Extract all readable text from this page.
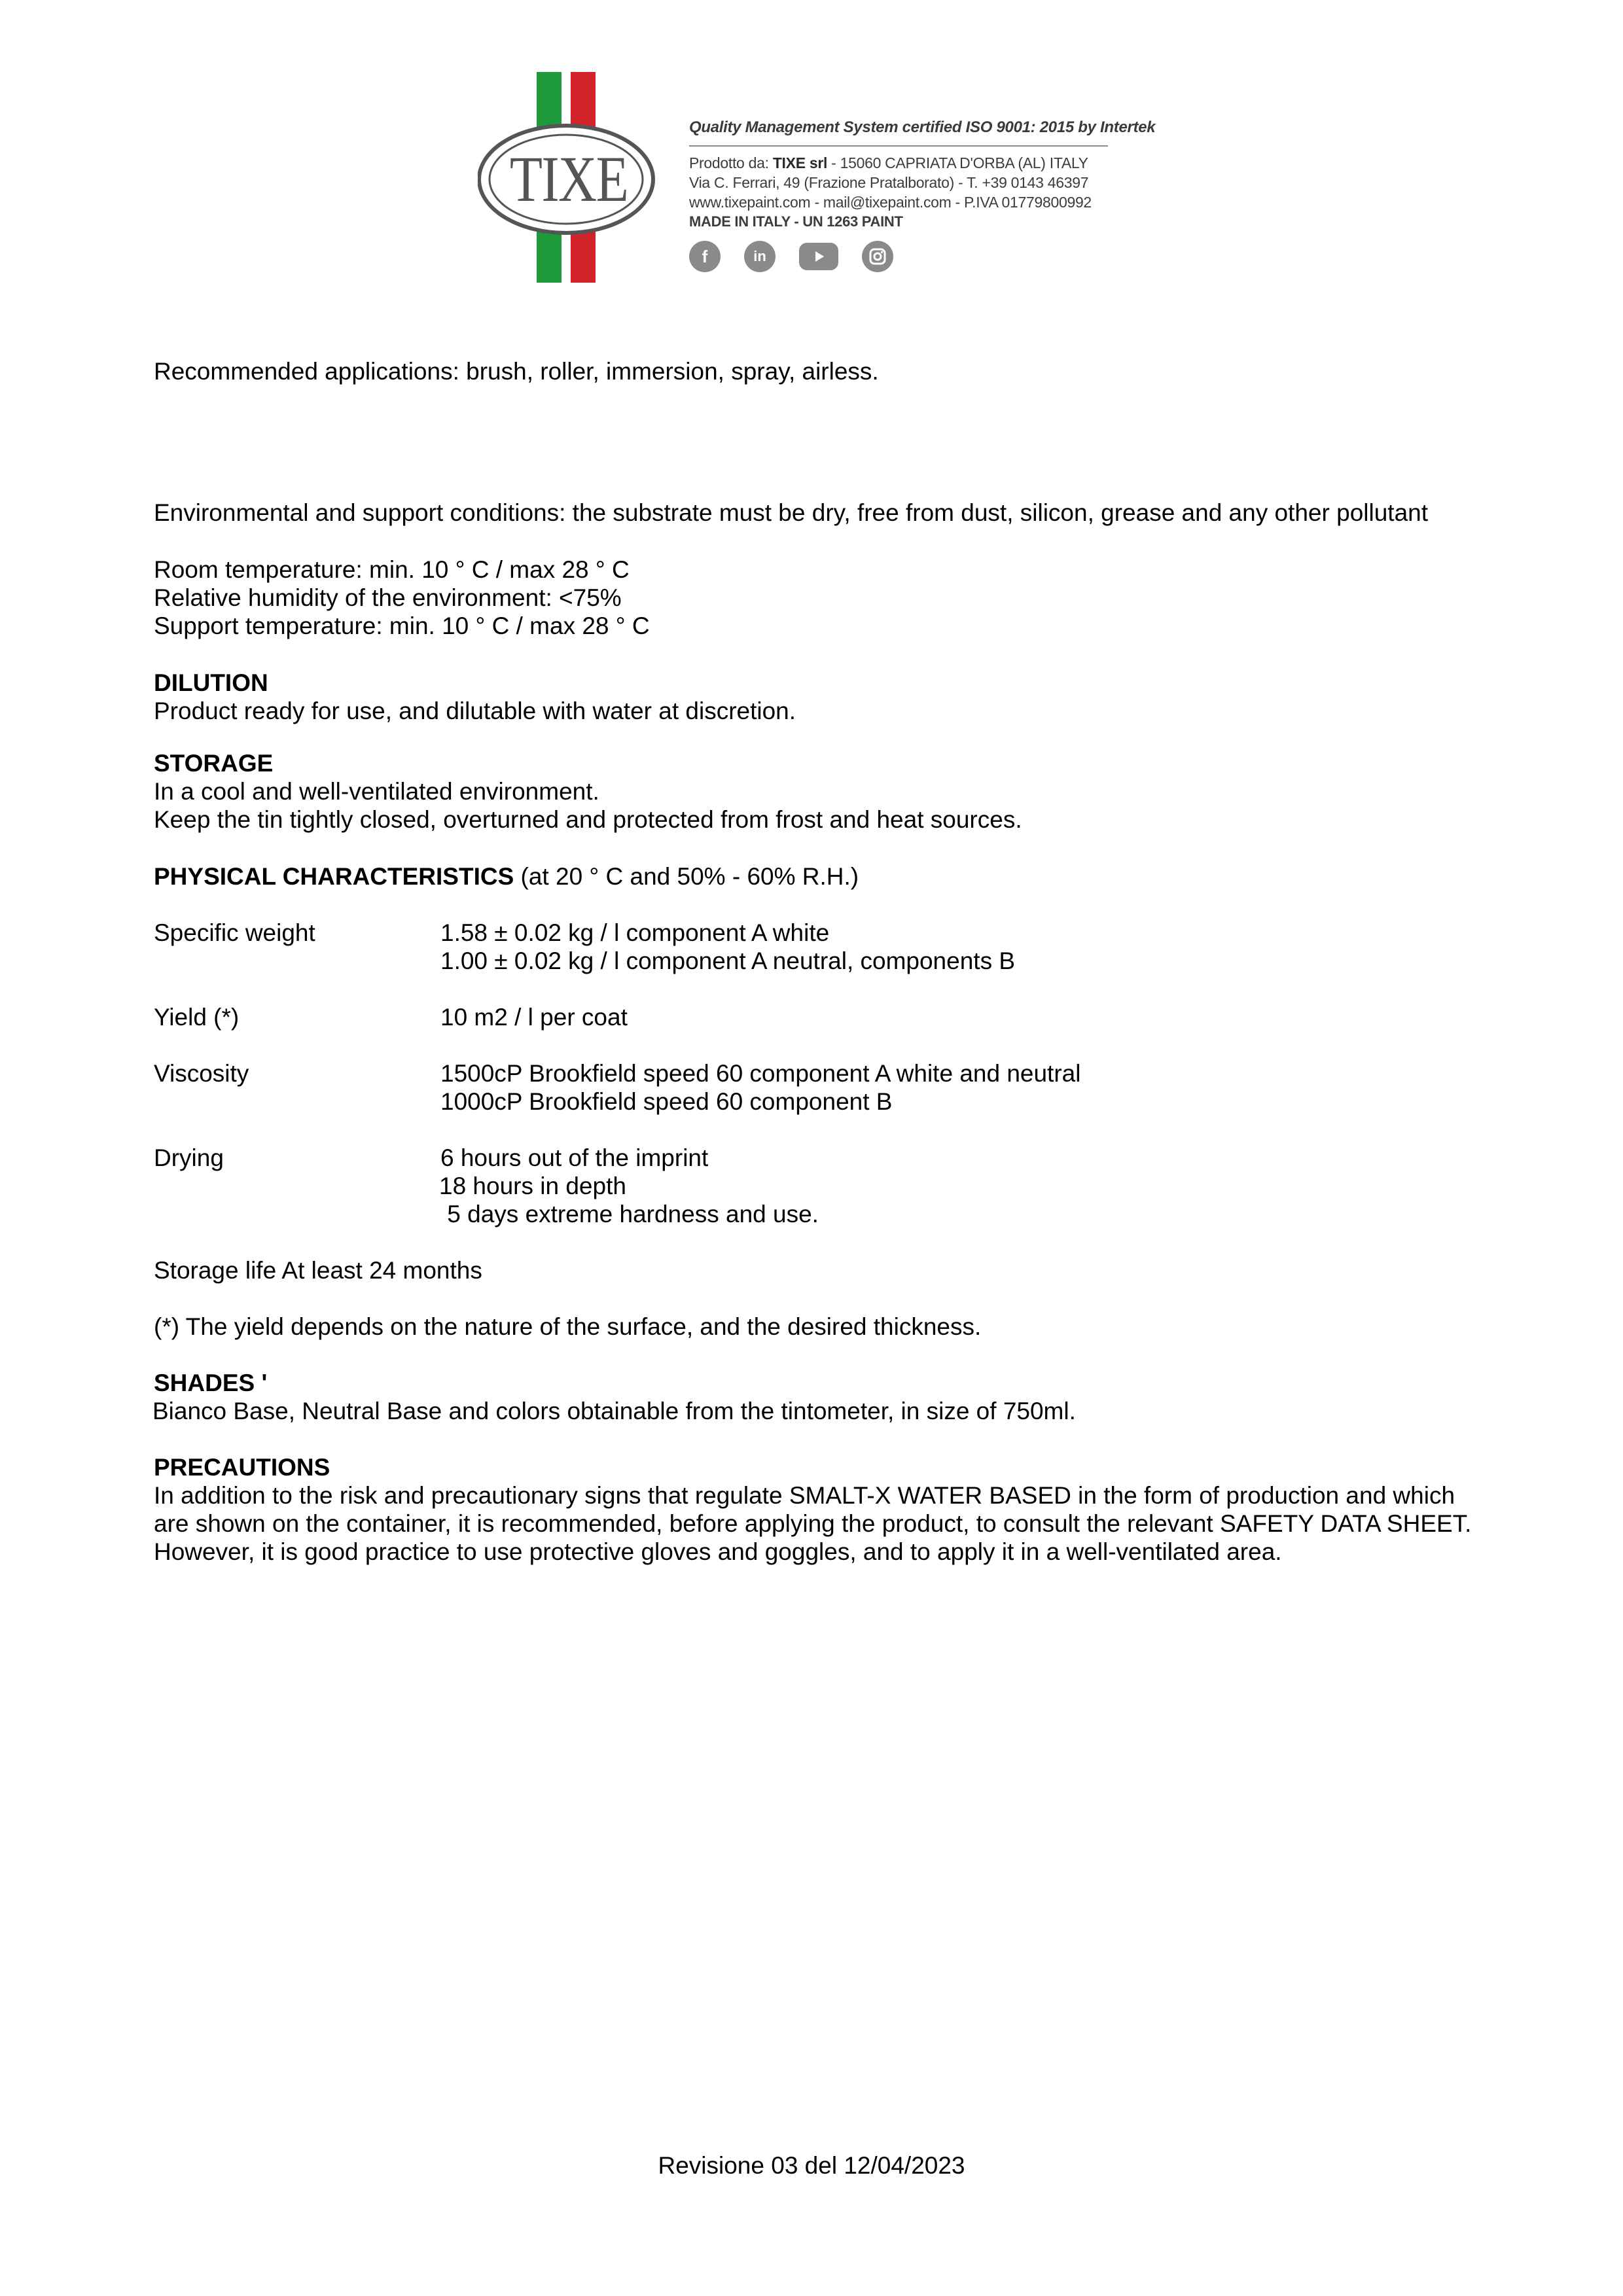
TIXE
Quality Management System certified ISO 9001: 2015 by Intertek
Prodotto da: TIXE srl - 15060 CAPRIATA D'ORBA (AL) ITALY
Via C. Ferrari, 49 (Frazione Pratalborato) - T. +39 0143 46397
www.tixepaint.com - mail@tixepaint.com - P.IVA 01779800992
MADE IN ITALY - UN 1263 PAINT
f	in
Recommended applications: brush, roller, immersion, spray, airless.
Environmental and support conditions: the substrate must be dry, free from dust, silicon, grease and any other pollutant
Room temperature: min. 10 ° C / max 28 ° C
Relative humidity of the environment: <75%
Support temperature: min. 10 ° C / max 28 ° C
DILUTION
Product ready for use, and dilutable with water at discretion.
STORAGE
In a cool and well-ventilated environment.
Keep the tin tightly closed, overturned and protected from frost and heat sources.
PHYSICAL CHARACTERISTICS (at 20 ° C and 50% - 60% R.H.)
Specific weight	1.58 ± 0.02 kg / l component A white
1.00 ± 0.02 kg / l component A neutral, components B
Yield (*)	10 m2 / l per coat
Viscosity	1500cP Brookfield speed 60 component A white and neutral
1000cP Brookfield speed 60 component B
Drying	6 hours out of the imprint
18 hours in depth
5 days extreme hardness and use.
Storage life At least 24 months
(*) The yield depends on the nature of the surface, and the desired thickness.
SHADES '
Bianco Base, Neutral Base and colors obtainable from the tintometer, in size of 750ml.
PRECAUTIONS
In addition to the risk and precautionary signs that regulate SMALT-X WATER BASED in the form of production and which
are shown on the container, it is recommended, before applying the product, to consult the relevant SAFETY DATA SHEET.
However, it is good practice to use protective gloves and goggles, and to apply it in a well-ventilated area.
Revisione 03 del 12/04/2023
